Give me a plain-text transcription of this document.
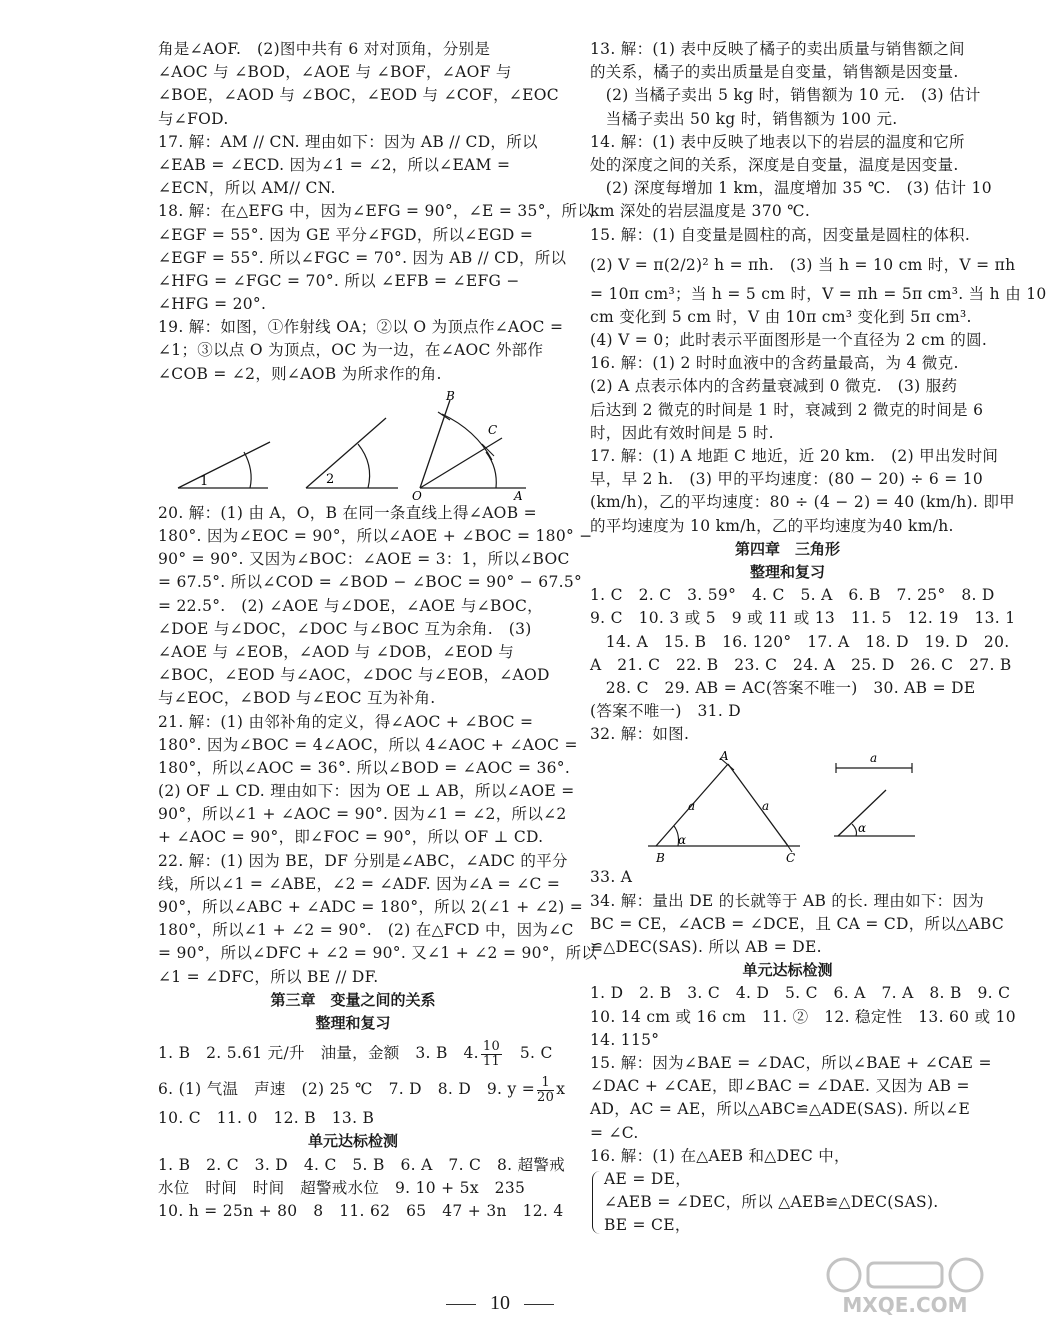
角是∠AOF.　(2)图中共有 6 对对顶角，分别是
∠AOC 与 ∠BOD，∠AOE 与 ∠BOF，∠AOF 与
∠BOE，∠AOD 与 ∠BOC，∠EOD 与 ∠COF，∠EOC
与∠FOD.
17. 解：AM // CN. 理由如下：因为 AB // CD，所以
∠EAB = ∠ECD. 因为∠1 = ∠2，所以∠EAM =
∠ECN，所以 AM// CN.
18. 解：在△EFG 中，因为∠EFG = 90°，∠E = 35°，所以
∠EGF = 55°. 因为 GE 平分∠FGD，所以∠EGD =
∠EGF = 55°. 所以∠FGC = 70°. 因为 AB // CD，所以
∠HFG = ∠FGC = 70°. 所以 ∠EFB = ∠EFG −
∠HFG = 20°.
19. 解：如图，①作射线 OA；②以 O 为顶点作∠AOC =
∠1；③以点 O 为顶点，OC 为一边，在∠AOC 外部作
∠COB = ∠2，则∠AOB 为所求作的角.
1	2
B
C
O	A
20. 解：(1) 由 A，O，B 在同一条直线上得∠AOB =
180°. 因为∠EOC = 90°，所以∠AOE + ∠BOC = 180° −
90° = 90°. 又因为∠BOC：∠AOE = 3：1，所以∠BOC
= 67.5°. 所以∠COD = ∠BOD − ∠BOC = 90° − 67.5°
= 22.5°.　(2) ∠AOE 与∠DOE，∠AOE 与∠BOC，
∠DOE 与∠DOC，∠DOC 与∠BOC 互为余角.　(3)
∠AOE 与 ∠EOB，∠AOD 与 ∠DOB，∠EOD 与
∠BOC，∠EOD 与∠AOC，∠DOC 与∠EOB，∠AOD
与∠EOC，∠BOD 与∠EOC 互为补角.
21. 解：(1) 由邻补角的定义，得∠AOC + ∠BOC =
180°. 因为∠BOC = 4∠AOC，所以 4∠AOC + ∠AOC =
180°，所以∠AOC = 36°. 所以∠BOD = ∠AOC = 36°.
(2) OF ⊥ CD. 理由如下：因为 OE ⊥ AB，所以∠AOE =
90°，所以∠1 + ∠AOC = 90°. 因为∠1 = ∠2，所以∠2
+ ∠AOC = 90°，即∠FOC = 90°，所以 OF ⊥ CD.
22. 解：(1) 因为 BE，DF 分别是∠ABC，∠ADC 的平分
线，所以∠1 = ∠ABE，∠2 = ∠ADF. 因为∠A = ∠C =
90°，所以∠ABC + ∠ADC = 180°，所以 2(∠1 + ∠2) =
180°，所以∠1 + ∠2 = 90°.　(2) 在△FCD 中，因为∠C
= 90°，所以∠DFC + ∠2 = 90°. 又∠1 + ∠2 = 90°，所以
∠1 = ∠DFC，所以 BE // DF.
第三章　变量之间的关系
整理和复习
1. B　2. 5.61 元/升　油量，金额　3. B　4. $\frac{10}{11}$ 　5. C
6. (1) 气温　声速　(2) 25 ℃　7. D　8. D　9. $y = \frac{1}{20}$ x
10. C　11. 0　12. B　13. B
单元达标检测
1. B　2. C　3. D　4. C　5. B　6. A　7. C　8. 超警戒
水位　时间　时间　超警戒水位　9. 10 + 5x　235
10. h = 25n + 80　8　11. 62　65　47 + 3n　12. 4
13. 解：(1) 表中反映了橘子的卖出质量与销售额之间
的关系，橘子的卖出质量是自变量，销售额是因变量.
　(2) 当橘子卖出 5 kg 时，销售额为 10 元.　(3) 估计
　当橘子卖出 50 kg 时，销售额为 100 元.
14. 解：(1) 表中反映了地表以下的岩层的温度和它所
处的深度之间的关系，深度是自变量，温度是因变量.
　(2) 深度每增加 1 km，温度增加 35 ℃.　(3) 估计 10
km 深处的岩层温度是 370 ℃.
15. 解：(1) 自变量是圆柱的高，因变量是圆柱的体积.
(2) V = π(2/2)² h = πh.　(3) 当 h = 10 cm 时，V = πh
= 10π cm³；当 h = 5 cm 时，V = πh = 5π cm³. 当 h 由 10
cm 变化到 5 cm 时，V 由 10π cm³ 变化到 5π cm³.
(4) V = 0；此时表示平面图形是一个直径为 2 cm 的圆.
16. 解：(1) 2 时时血液中的含药量最高，为 4 微克.
(2) A 点表示体内的含药量衰减到 0 微克.　(3) 服药
后达到 2 微克的时间是 1 时，衰减到 2 微克的时间是 6
时，因此有效时间是 5 时.
17. 解：(1) A 地距 C 地近，近 20 km.　(2) 甲出发时间
早，早 2 h.　(3) 甲的平均速度：(80 − 20) ÷ 6 = 10
(km/h)，乙的平均速度：80 ÷ (4 − 2) = 40 (km/h). 即甲
的平均速度为 10 km/h，乙的平均速度为40 km/h.
第四章　三角形
整理和复习
1. C　2. C　3. 59°　4. C　5. A　6. B　7. 25°　8. D
9. C　10. 3 或 5　9 或 11 或 13　11. 5　12. 19　13. 1
　14. A　15. B　16. 120°　17. A　18. D　19. D　20.
A　21. C　22. B　23. C　24. A　25. D　26. C　27. B
　28. C　29. AB = AC(答案不唯一)　30. AB = DE
(答案不唯一)　31. D
32. 解：如图.
A
B	C
a	a
α
a
α
33. A
34. 解：量出 DE 的长就等于 AB 的长. 理由如下：因为
BC = CE，∠ACB = ∠DCE，且 CA = CD，所以△ABC
≌△DEC(SAS). 所以 AB = DE.
单元达标检测
1. D　2. B　3. C　4. D　5. C　6. A　7. A　8. B　9. C
10. 14 cm 或 16 cm　11. ②　12. 稳定性　13. 60 或 10
14. 115°
15. 解：因为∠BAE = ∠DAC，所以∠BAE + ∠CAE =
∠DAC + ∠CAE，即∠BAC = ∠DAE. 又因为 AB =
AD，AC = AE，所以△ABC≌△ADE(SAS). 所以∠E
= ∠C.
16. 解：(1) 在△AEB 和△DEC 中，
AE = DE，
∠AEB = ∠DEC，所以 △AEB≌△DEC(SAS).
BE = CE，
10	MXQE.COM
